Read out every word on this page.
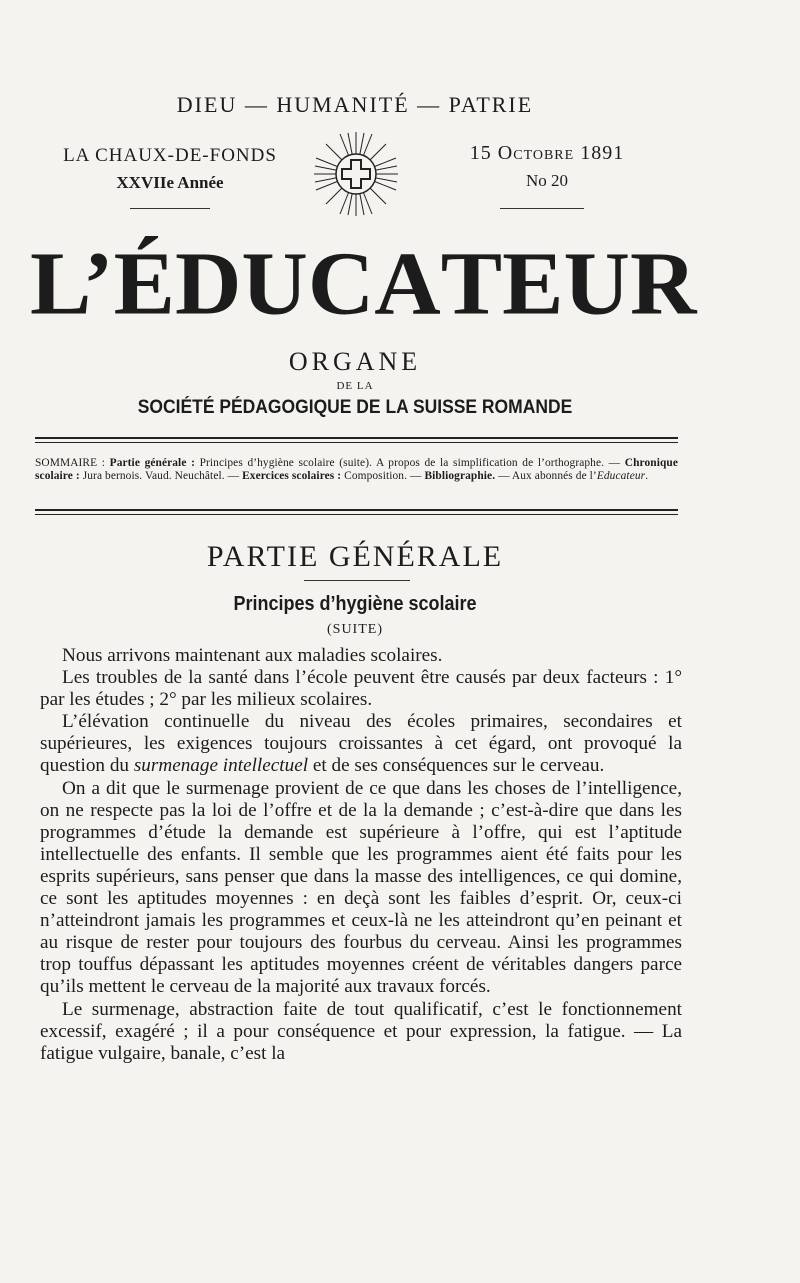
DIEU — HUMANITÉ — PATRIE
LA CHAUX-DE-FONDS
XXVIIe Année
15 Octobre 1891
No 20
L’ É D U C A T E U R
ORGANE
DE LA
SOCIÉTÉ PÉDAGOGIQUE DE LA SUISSE ROMANDE
SOMMAIRE : Partie générale : Principes d’hygiène scolaire (suite). A propos de la simplification de l’orthographe. — Chronique scolaire : Jura bernois. Vaud. Neuchâtel. — Exercices scolaires : Composition. — Bibliographie. — Aux abonnés de l’Educateur.
PARTIE GÉNÉRALE
Principes d’hygiène scolaire
(SUITE)

Nous arrivons maintenant aux maladies scolaires.

Les troubles de la santé dans l’école peuvent être causés par deux facteurs : 1° par les études ; 2° par les milieux scolaires.

L’élévation continuelle du niveau des écoles primaires, secondaires et supérieures, les exigences toujours croissantes à cet égard, ont provoqué la question du surmenage intellectuel et de ses conséquences sur le cerveau.

On a dit que le surmenage provient de ce que dans les choses de l’intelligence, on ne respecte pas la loi de l’offre et de la la demande ; c’est-à-dire que dans les programmes d’étude la demande est supérieure à l’offre, qui est l’aptitude intellectuelle des enfants. Il semble que les programmes aient été faits pour les esprits supérieurs, sans penser que dans la masse des intelligences, ce qui domine, ce sont les aptitudes moyennes : en deçà sont les faibles d’esprit. Or, ceux-ci n’atteindront jamais les programmes et ceux-là ne les atteindront qu’en peinant et au risque de rester pour toujours des fourbus du cerveau. Ainsi les programmes trop touffus dépassant les aptitudes moyennes créent de véritables dangers parce qu’ils mettent le cerveau de la majorité aux travaux forcés.

Le surmenage, abstraction faite de tout qualificatif, c’est le fonctionnement excessif, exagéré ; il a pour conséquence et pour expression, la fatigue. — La fatigue vulgaire, banale, c’est la
